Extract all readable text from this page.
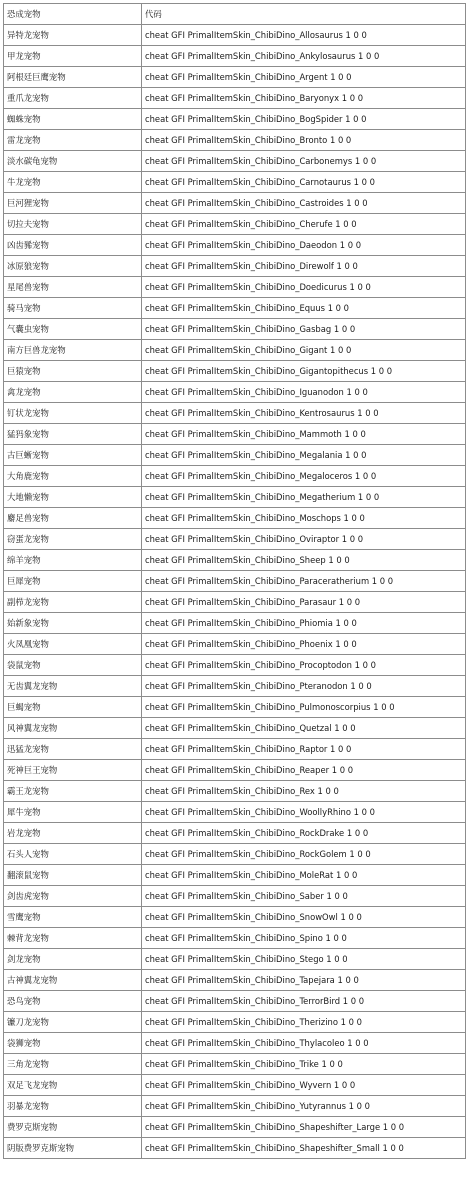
恐成宠物	代码
异特龙宠物	cheat GFI PrimalItemSkin_ChibiDino_Allosaurus 1 0 0
甲龙宠物	cheat GFI PrimalItemSkin_ChibiDino_Ankylosaurus 1 0 0
阿根廷巨鹰宠物	cheat GFI PrimalItemSkin_ChibiDino_Argent 1 0 0
重爪龙宠物	cheat GFI PrimalItemSkin_ChibiDino_Baryonyx 1 0 0
蜘蛛宠物	cheat GFI PrimalItemSkin_ChibiDino_BogSpider 1 0 0
雷龙宠物	cheat GFI PrimalItemSkin_ChibiDino_Bronto 1 0 0
淡水碳龟宠物	cheat GFI PrimalItemSkin_ChibiDino_Carbonemys 1 0 0
牛龙宠物	cheat GFI PrimalItemSkin_ChibiDino_Carnotaurus 1 0 0
巨河狸宠物	cheat GFI PrimalItemSkin_ChibiDino_Castroides 1 0 0
切拉夫宠物	cheat GFI PrimalItemSkin_ChibiDino_Cherufe 1 0 0
凶齿豨宠物	cheat GFI PrimalItemSkin_ChibiDino_Daeodon 1 0 0
冰原狼宠物	cheat GFI PrimalItemSkin_ChibiDino_Direwolf 1 0 0
星尾兽宠物	cheat GFI PrimalItemSkin_ChibiDino_Doedicurus 1 0 0
骑马宠物	cheat GFI PrimalItemSkin_ChibiDino_Equus 1 0 0
气囊虫宠物	cheat GFI PrimalItemSkin_ChibiDino_Gasbag 1 0 0
南方巨兽龙宠物	cheat GFI PrimalItemSkin_ChibiDino_Gigant 1 0 0
巨猿宠物	cheat GFI PrimalItemSkin_ChibiDino_Gigantopithecus 1 0 0
禽龙宠物	cheat GFI PrimalItemSkin_ChibiDino_Iguanodon 1 0 0
钉状龙宠物	cheat GFI PrimalItemSkin_ChibiDino_Kentrosaurus 1 0 0
猛犸象宠物	cheat GFI PrimalItemSkin_ChibiDino_Mammoth 1 0 0
古巨蜥宠物	cheat GFI PrimalItemSkin_ChibiDino_Megalania 1 0 0
大角鹿宠物	cheat GFI PrimalItemSkin_ChibiDino_Megaloceros 1 0 0
大地懒宠物	cheat GFI PrimalItemSkin_ChibiDino_Megatherium 1 0 0
麝足兽宠物	cheat GFI PrimalItemSkin_ChibiDino_Moschops 1 0 0
窃蛋龙宠物	cheat GFI PrimalItemSkin_ChibiDino_Oviraptor 1 0 0
绵羊宠物	cheat GFI PrimalItemSkin_ChibiDino_Sheep 1 0 0
巨犀宠物	cheat GFI PrimalItemSkin_ChibiDino_Paraceratherium 1 0 0
副栉龙宠物	cheat GFI PrimalItemSkin_ChibiDino_Parasaur 1 0 0
始新象宠物	cheat GFI PrimalItemSkin_ChibiDino_Phiomia 1 0 0
火凤凰宠物	cheat GFI PrimalItemSkin_ChibiDino_Phoenix 1 0 0
袋鼠宠物	cheat GFI PrimalItemSkin_ChibiDino_Procoptodon 1 0 0
无齿翼龙宠物	cheat GFI PrimalItemSkin_ChibiDino_Pteranodon 1 0 0
巨蝎宠物	cheat GFI PrimalItemSkin_ChibiDino_Pulmonoscorpius 1 0 0
风神翼龙宠物	cheat GFI PrimalItemSkin_ChibiDino_Quetzal 1 0 0
迅猛龙宠物	cheat GFI PrimalItemSkin_ChibiDino_Raptor 1 0 0
死神巨王宠物	cheat GFI PrimalItemSkin_ChibiDino_Reaper 1 0 0
霸王龙宠物	cheat GFI PrimalItemSkin_ChibiDino_Rex 1 0 0
犀牛宠物	cheat GFI PrimalItemSkin_ChibiDino_WoollyRhino 1 0 0
岩龙宠物	cheat GFI PrimalItemSkin_ChibiDino_RockDrake 1 0 0
石头人宠物	cheat GFI PrimalItemSkin_ChibiDino_RockGolem 1 0 0
翻滚鼠宠物	cheat GFI PrimalItemSkin_ChibiDino_MoleRat 1 0 0
剑齿虎宠物	cheat GFI PrimalItemSkin_ChibiDino_Saber 1 0 0
雪鹰宠物	cheat GFI PrimalItemSkin_ChibiDino_SnowOwl 1 0 0
棘背龙宠物	cheat GFI PrimalItemSkin_ChibiDino_Spino 1 0 0
剑龙宠物	cheat GFI PrimalItemSkin_ChibiDino_Stego 1 0 0
古神翼龙宠物	cheat GFI PrimalItemSkin_ChibiDino_Tapejara 1 0 0
恐鸟宠物	cheat GFI PrimalItemSkin_ChibiDino_TerrorBird 1 0 0
镰刀龙宠物	cheat GFI PrimalItemSkin_ChibiDino_Therizino 1 0 0
袋狮宠物	cheat GFI PrimalItemSkin_ChibiDino_Thylacoleo 1 0 0
三角龙宠物	cheat GFI PrimalItemSkin_ChibiDino_Trike 1 0 0
双足飞龙宠物	cheat GFI PrimalItemSkin_ChibiDino_Wyvern 1 0 0
羽暴龙宠物	cheat GFI PrimalItemSkin_ChibiDino_Yutyrannus 1 0 0
费罗克斯宠物	cheat GFI PrimalItemSkin_ChibiDino_Shapeshifter_Large 1 0 0
阴版费罗克斯宠物	cheat GFI PrimalItemSkin_ChibiDino_Shapeshifter_Small 1 0 0
